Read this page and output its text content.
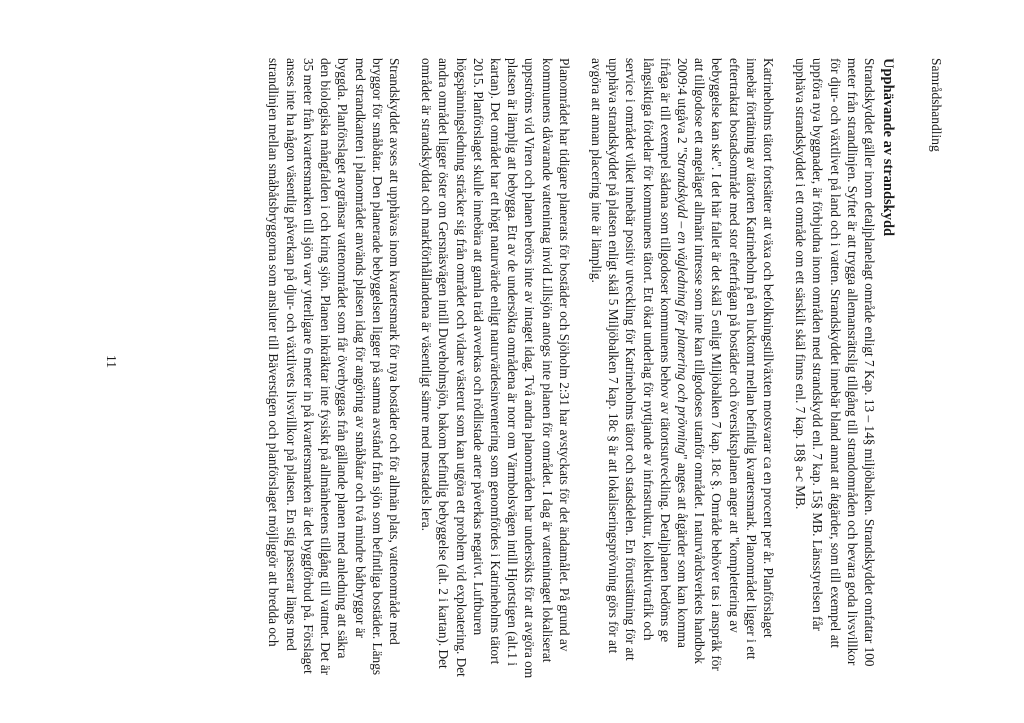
Samrådshandling
Upphävande av strandskydd

Strandskyddet gäller inom detaljplanelagt område enligt 7 Kap. 13 – 14§ miljöbalken. Strandskyddet omfattar 100 meter från strandlinjen. Syftet är att trygga allemansrättslig tillgång till strandområden och bevara goda livsvillkor för djur- och växtlivet på land och i vatten. Strandskyddet innebär bland annat att åtgärder, som till exempel att uppföra nya byggnader, är förbjudna inom områden med strandskydd enl. 7 kap. 15§ MB. Länsstyrelsen får upphäva strandskyddet i ett område om ett särskilt skäl finns enl. 7 kap. 18§ a-c MB.

Katrineholms tätort fortsätter att växa och befolkningstillväxten motsvarar ca en procent per år. Planförslaget innebär förtätning av tätorten Katrineholm på en lucktomt mellan befintlig kvartersmark. Planområdet ligger i ett eftertraktat bostadsområde med stor efterfrågan på bostäder och översiktsplanen anger att "komplettering av bebyggelse kan ske". I det här fallet är det skäl 5 enligt Miljöbalken 7 kap. 18c §. Område behöver tas i anspråk för att tillgodose ett angeläget allmänt intresse som inte kan tillgodoses utanför området. I naturvårdsverkets handbok 2009:4 utgåva 2 "Strandskydd – en vägledning för planering och prövning" anges att åtgärder som kan komma ifråga är till exempel sådana som tillgodoser kommunens behov av tätortsutveckling. Detaljplanen bedöms ge långsiktiga fördelar för kommunens tätort. Ett ökat underlag för nyttjande av infrastruktur, kollektivtrafik och service i området vilket innebär positiv utveckling för Katrineholms tätort och stadsdelen. En förutsättning för att upphäva strandskyddet på platsen enligt skäl 5 Miljöbalken 7 kap. 18c § är att lokaliseringsprövning görs för att avgöra att annan placering inte är lämplig.

Planområdet har tidigare planerats för bostäder och Sjöholm 2:31 har avstyckats för det ändamålet. På grund av kommunens dåvarande vattenintag invid Lillsjön antogs inte planen för området. I dag är vattenintaget lokaliserat uppströms vid Viren och planen berörs inte av intaget idag. Två andra planområden har undersökts för att avgöra om platsen är lämplig att bebygga. Ett av de undersökta områdena är norr om Värmbolsvägen intill Hjortstigen (alt.1 i kartan). Det området har ett högt naturvärde enligt naturvärdesinventering som genomfördes i Katrineholms tätort 2015. Planförslaget skulle innebära att gamla träd avverkas och rödlistade arter påverkas negativt. Luftburen högspänningsledning sträcker sig från området och vidare västerut som kan utgöra ett problem vid exploatering. Det andra området ligger öster om Gersnäsvägen intill Duveholmsjön, bakom befintlig bebyggelse (alt. 2 i kartan). Det området är strandskyddat och markförhållandena är väsentligt sämre med mestadels lera.

Strandskyddet avses att upphävas inom kvartersmark för nya bostäder och för allmän plats, vattenområde med bryggor för småbåtar. Den planerade bebyggelsen ligger på samma avstånd från sjön som befintliga bostäder. Längs med strandkanten i planområdet används platsen idag för angöring av småbåtar och två mindre båtbryggor är byggda. Planförslaget avgränsar vattenområdet som får överbyggas från gällande planen med anledning att säkra den biologiska mångfalden i och kring sjön. Planen inkräktar inte fysiskt på allmänhetens tillgång till vattnet. Det är 35 meter från kvartersmarken till sjön varv ytterligare 6 meter in på kvartersmarken är det byggförbud på. Förslaget anses inte ha någon väsentlig påverkan på djur- och växtlivets livsvillkor på platsen. En stig passerar längs med strandlinjen mellan småbåtsbryggorna som ansluter till Bäverstigen och planförslaget möjliggör att bredda och

11
